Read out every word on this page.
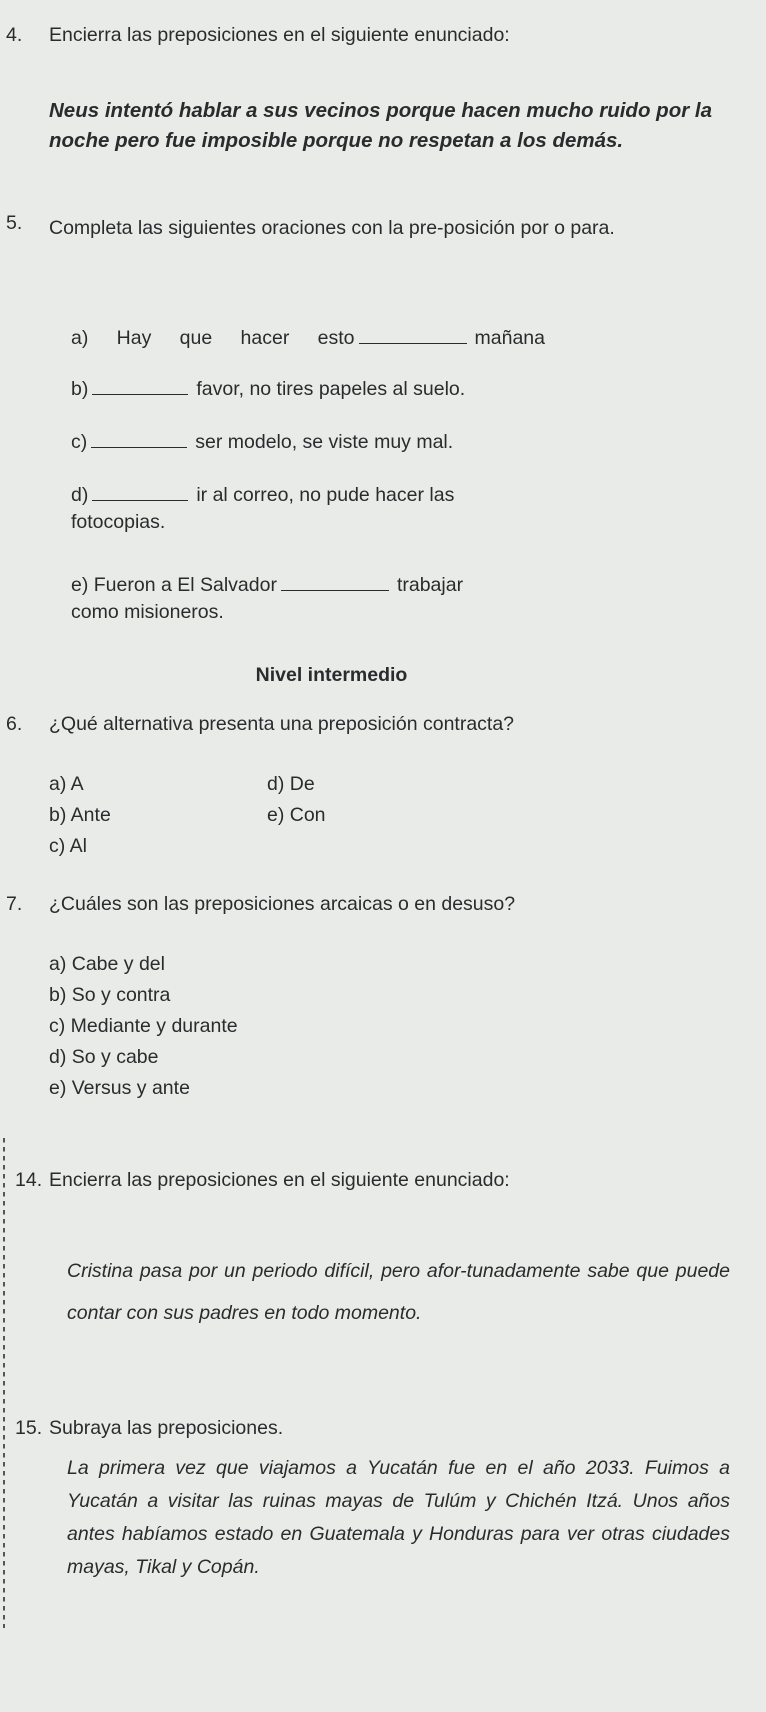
4.	Encierra las preposiciones en el siguiente enunciado:
Neus intentó hablar a sus vecinos porque hacen mucho ruido por la noche pero fue imposible porque no respetan a los demás.
5.	Completa las siguientes oraciones con la pre-posición por o para.
a) Hay que hacer esto	mañana
b)	favor, no tires papeles al suelo.
c)	ser modelo, se viste muy mal.
d)	ir al correo, no pude hacer las
fotocopias.
e) Fueron a El Salvador	trabajar
como misioneros.
Nivel intermedio
6.	¿Qué alternativa presenta una preposición contracta?
a) A
b) Ante
c) Al
d) De
e) Con
7.	¿Cuáles son las preposiciones arcaicas o en desuso?
a) Cabe y del
b) So y contra
c) Mediante y durante
d) So y cabe
e) Versus y ante
14. Encierra las preposiciones en el siguiente enunciado:
Cristina pasa por un periodo difícil, pero afor-tunadamente sabe que puede contar con sus padres en todo momento.
15. Subraya las preposiciones.
La primera vez que viajamos a Yucatán fue en el año 2033. Fuimos a Yucatán a visitar las ruinas mayas de Tulúm y Chichén Itzá. Unos años antes habíamos estado en Guatemala y Honduras para ver otras ciudades mayas, Tikal y Copán.
